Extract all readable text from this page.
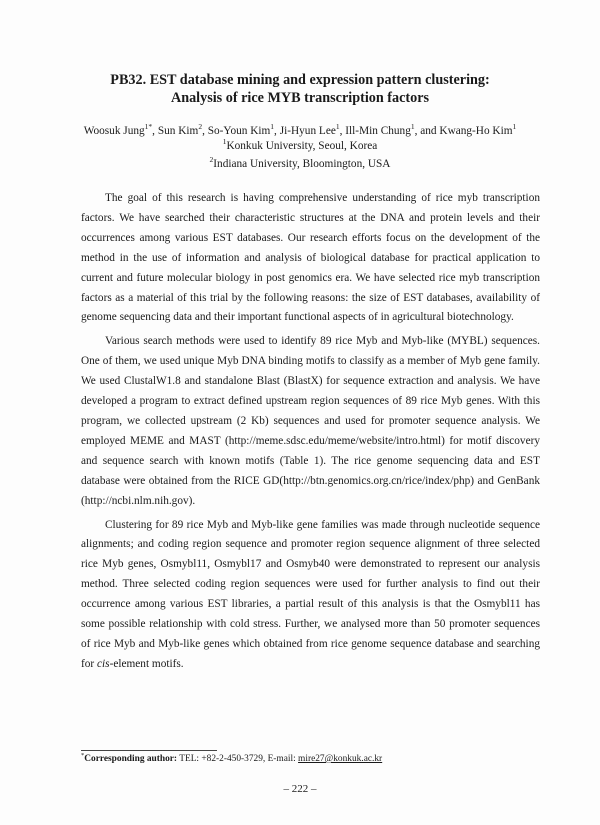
PB32. EST database mining and expression pattern clustering:
Analysis of rice MYB transcription factors
Woosuk Jung$^{1*}$, Sun Kim$^2$, So-Youn Kim$^1$, Ji-Hyun Lee$^1$, Ill-Min Chung$^1$, and Kwang-Ho Kim$^1$
$^1$Konkuk University, Seoul, Korea
$^2$Indiana University, Bloomington, USA

The goal of this research is having comprehensive understanding of rice myb transcription factors. We have searched their characteristic structures at the DNA and protein levels and their occurrences among various EST databases. Our research efforts focus on the development of the method in the use of information and analysis of biological database for practical application to current and future molecular biology in post genomics era. We have selected rice myb transcription factors as a material of this trial by the following reasons: the size of EST databases, availability of genome sequencing data and their important functional aspects of in agricultural biotechnology.

Various search methods were used to identify 89 rice Myb and Myb-like (MYBL) sequences. One of them, we used unique Myb DNA binding motifs to classify as a member of Myb gene family. We used ClustalW1.8 and standalone Blast (BlastX) for sequence extraction and analysis. We have developed a program to extract defined upstream region sequences of 89 rice Myb genes. With this program, we collected upstream (2 Kb) sequences and used for promoter sequence analysis. We employed MEME and MAST (http://meme.sdsc.edu/meme/website/intro.html) for motif discovery and sequence search with known motifs (Table 1). The rice genome sequencing data and EST database were obtained from the RICE GD(http://btn.genomics.org.cn/rice/index/php) and GenBank (http://ncbi.nlm.nih.gov).

Clustering for 89 rice Myb and Myb-like gene families was made through nucleotide sequence alignments; and coding region sequence and promoter region sequence alignment of three selected rice Myb genes, Osmybl11, Osmybl17 and Osmyb40 were demonstrated to represent our analysis method. Three selected coding region sequences were used for further analysis to find out their occurrence among various EST libraries, a partial result of this analysis is that the Osmybl11 has some possible relationship with cold stress. Further, we analysed more than 50 promoter sequences of rice Myb and Myb-like genes which obtained from rice genome sequence database and searching for cis-element motifs.

*Corresponding author: TEL: +82-2-450-3729, E-mail: mire27@konkuk.ac.kr
– 222 –
